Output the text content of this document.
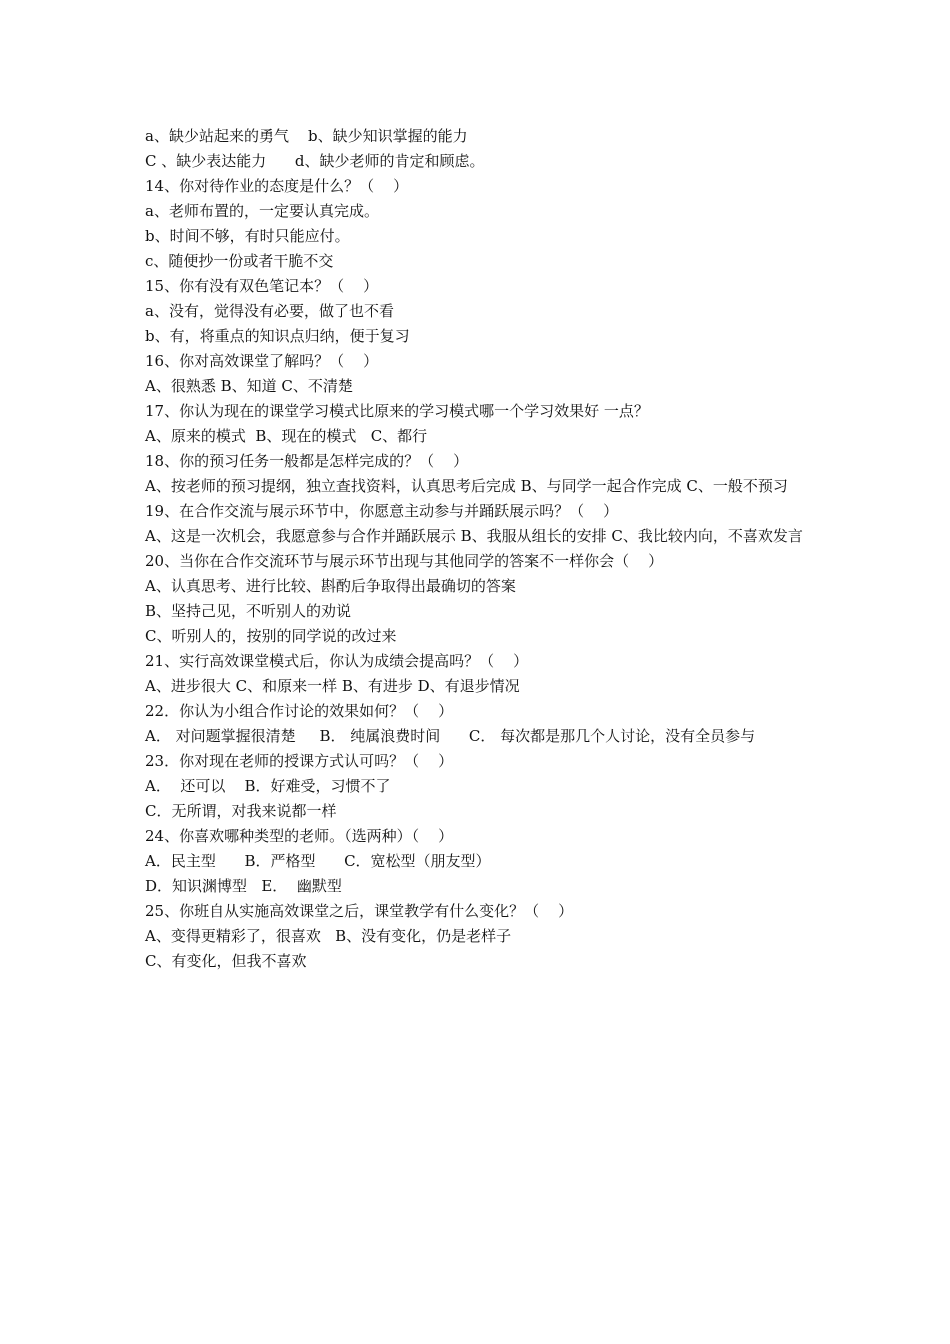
a、缺少站起来的勇气    b、缺少知识掌握的能力
C 、缺少表达能力      d、缺少老师的肯定和顾虑。
14、你对待作业的态度是什么？（    ）
a、老师布置的，一定要认真完成。
b、时间不够，有时只能应付。
c、随便抄一份或者干脆不交
15、你有没有双色笔记本？（    ）
a、没有，觉得没有必要，做了也不看
b、有，将重点的知识点归纳，便于复习
16、你对高效课堂了解吗？（    ）
A、很熟悉 B、知道 C、不清楚
17、你认为现在的课堂学习模式比原来的学习模式哪一个学习效果好 一点？
A、原来的模式  B、现在的模式   C、都行
18、你的预习任务一般都是怎样完成的？（    ）
A、按老师的预习提纲，独立查找资料，认真思考后完成 B、与同学一起合作完成 C、一般不预习
19、在合作交流与展示环节中，你愿意主动参与并踊跃展示吗？（    ）
A、这是一次机会，我愿意参与合作并踊跃展示 B、我服从组长的安排 C、我比较内向，不喜欢发言
20、当你在合作交流环节与展示环节出现与其他同学的答案不一样你会（    ）
A、认真思考、进行比较、斟酌后争取得出最确切的答案
B、坚持己见，不听别人的劝说
C、听别人的，按别的同学说的改过来
21、实行高效课堂模式后，你认为成绩会提高吗？（    ）
A、进步很大 C、和原来一样 B、有进步 D、有退步情况
22．你认为小组合作讨论的效果如何？（    ）
A． 对问题掌握很清楚     B． 纯属浪费时间      C． 每次都是那几个人讨论，没有全员参与
23．你对现在老师的授课方式认可吗？（    ）
A．  还可以    B．好难受，习惯不了
C．无所谓，对我来说都一样
24、你喜欢哪种类型的老师。（选两种）（    ）
A．民主型      B．严格型      C．宽松型（朋友型）
D．知识渊博型   E．  幽默型
25、你班自从实施高效课堂之后，课堂教学有什么变化？（    ）
A、变得更精彩了，很喜欢   B、没有变化，仍是老样子
C、有变化，但我不喜欢
